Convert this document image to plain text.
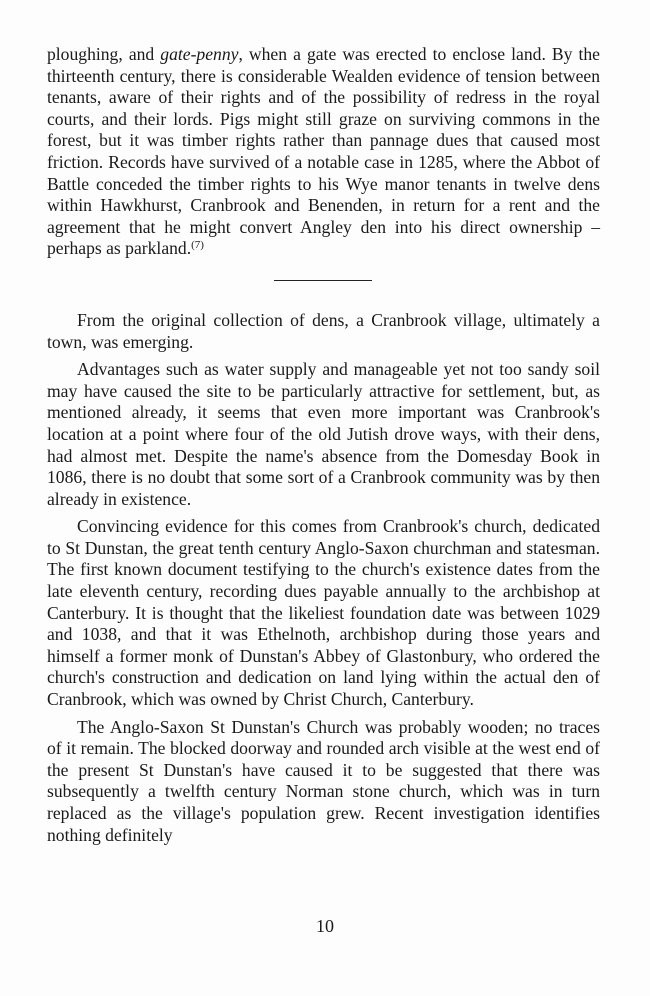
ploughing, and gate-penny, when a gate was erected to enclose land. By the thirteenth century, there is considerable Wealden evidence of tension between tenants, aware of their rights and of the possibility of redress in the royal courts, and their lords. Pigs might still graze on surviving commons in the forest, but it was timber rights rather than pannage dues that caused most friction. Records have survived of a notable case in 1285, where the Abbot of Battle conceded the timber rights to his Wye manor tenants in twelve dens within Hawkhurst, Cranbrook and Benenden, in return for a rent and the agreement that he might convert Angley den into his direct ownership – perhaps as parkland.$^{(7)}$

From the original collection of dens, a Cranbrook village, ultimately a town, was emerging.

Advantages such as water supply and manageable yet not too sandy soil may have caused the site to be particularly attractive for settlement, but, as mentioned already, it seems that even more important was Cranbrook's location at a point where four of the old Jutish drove ways, with their dens, had almost met. Despite the name's absence from the Domesday Book in 1086, there is no doubt that some sort of a Cranbrook community was by then already in existence.

Convincing evidence for this comes from Cranbrook's church, dedicated to St Dunstan, the great tenth century Anglo-Saxon churchman and statesman. The first known document testifying to the church's existence dates from the late eleventh century, recording dues payable annually to the archbishop at Canterbury. It is thought that the likeliest foundation date was between 1029 and 1038, and that it was Ethelnoth, archbishop during those years and himself a former monk of Dunstan's Abbey of Glastonbury, who ordered the church's construction and dedication on land lying within the actual den of Cranbrook, which was owned by Christ Church, Canterbury.

The Anglo-Saxon St Dunstan's Church was probably wooden; no traces of it remain. The blocked doorway and rounded arch visible at the west end of the present St Dunstan's have caused it to be suggested that there was subsequently a twelfth century Norman stone church, which was in turn replaced as the village's population grew. Recent investigation identifies nothing definitely

10
